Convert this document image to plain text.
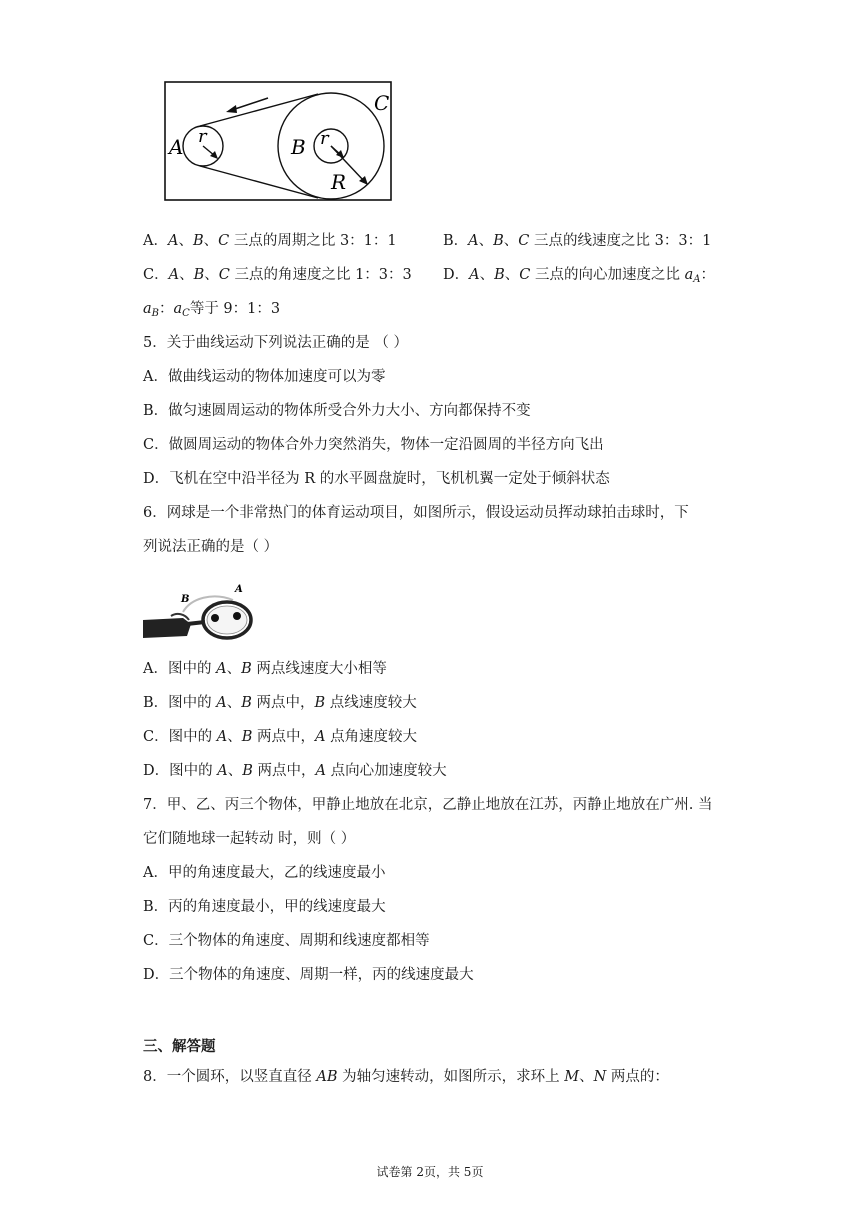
A r	B r
C
R
A．A、B、C 三点的周期之比 3：1：1	B．A、B、C 三点的线速度之比 3：3：1
C．A、B、C 三点的角速度之比 1：3：3 D．A、B、C 三点的向心加速度之比 $a_A$：
$a_B$：$a_C$等于 9：1：3
5．关于曲线运动下列说法正确的是 （ ）
A．做曲线运动的物体加速度可以为零
B．做匀速圆周运动的物体所受合外力大小、方向都保持不变
C．做圆周运动的物体合外力突然消失，物体一定沿圆周的半径方向飞出
D．飞机在空中沿半径为 R 的水平圆盘旋时，飞机机翼一定处于倾斜状态
6．网球是一个非常热门的体育运动项目，如图所示，假设运动员挥动球拍击球时，下
列说法正确的是（ ）
B
A
A．图中的 A、B 两点线速度大小相等
B．图中的 A、B 两点中，B 点线速度较大
C．图中的 A、B 两点中，A 点角速度较大
D．图中的 A、B 两点中，A 点向心加速度较大
7．甲、乙、丙三个物体，甲静止地放在北京，乙静止地放在江苏，丙静止地放在广州. 当
它们随地球一起转动 时，则（ ）
A．甲的角速度最大，乙的线速度最小
B．丙的角速度最小，甲的线速度最大
C．三个物体的角速度、周期和线速度都相等
D．三个物体的角速度、周期一样，丙的线速度最大
三、解答题
8．一个圆环，以竖直直径 AB 为轴匀速转动，如图所示，求环上 M、N 两点的：
试卷第 2页，共 5页
